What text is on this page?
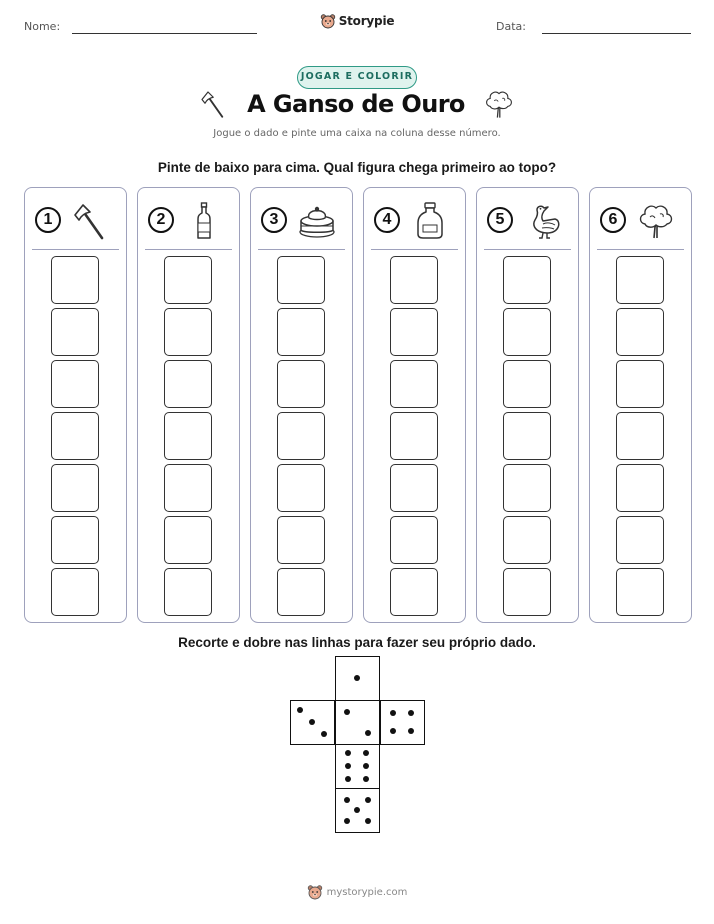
Nome:	Data:
Storypie
JOGAR E COLORIR
A Ganso de Ouro
Jogue o dado e pinte uma caixa na coluna desse número.
Pinte de baixo para cima. Qual figura chega primeiro ao topo?
1	2	3	4	5	6
Recorte e dobre nas linhas para fazer seu próprio dado.
mystorypie.com
